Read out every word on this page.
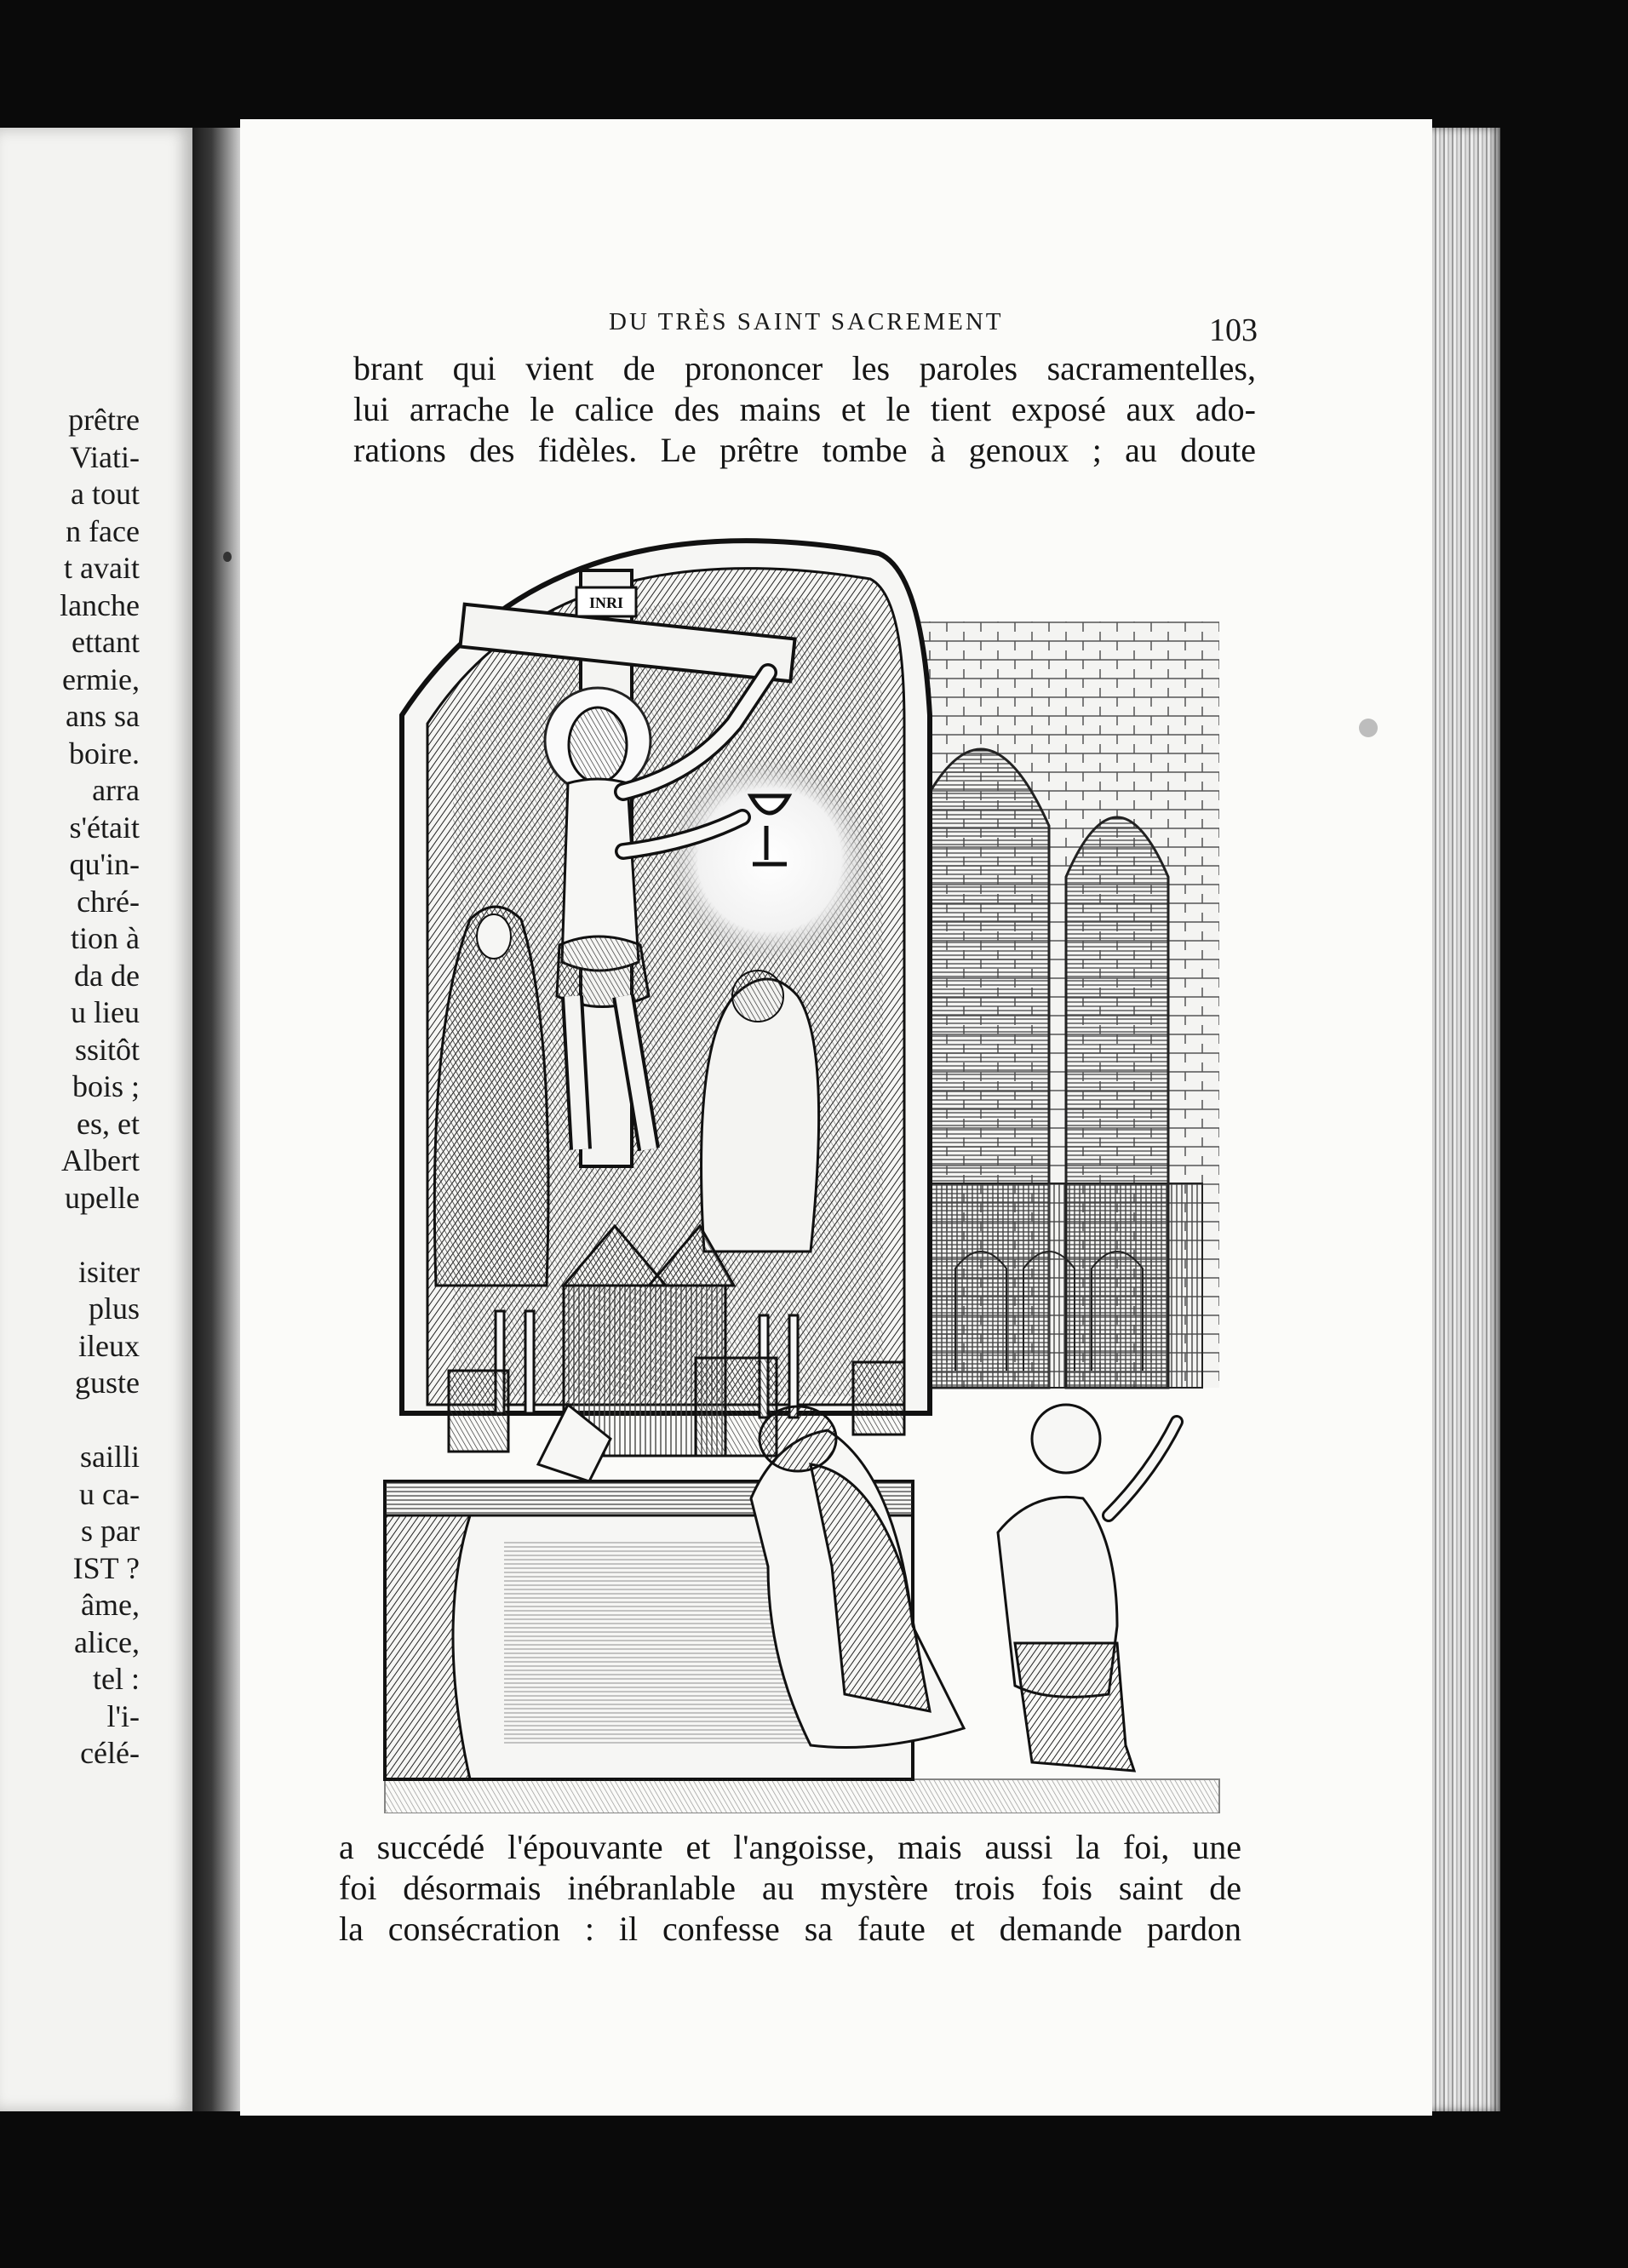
prêtre
Viati-
a tout
n face
t avait
lanche
ettant
ermie,
ans sa
boire.
arra
s'était
qu'in-
chré-
tion à
da de
u lieu
ssitôt
bois ;
es, et
Albert
upelle
isiter
plus
ileux
guste
sailli
u ca-
s par
IST ?
âme,
alice,
tel :
l'i-
célé-
DU TRÈS SAINT SACREMENT	103
brant qui vient de prononcer les paroles sacramentelles,
lui arrache le calice des mains et le tient exposé aux ado-
rations des fidèles. Le prêtre tombe à genoux ; au doute
INRI
a succédé l'épouvante et l'angoisse, mais aussi la foi, une
foi désormais inébranlable au mystère trois fois saint de
la consécration : il confesse sa faute et demande pardon
